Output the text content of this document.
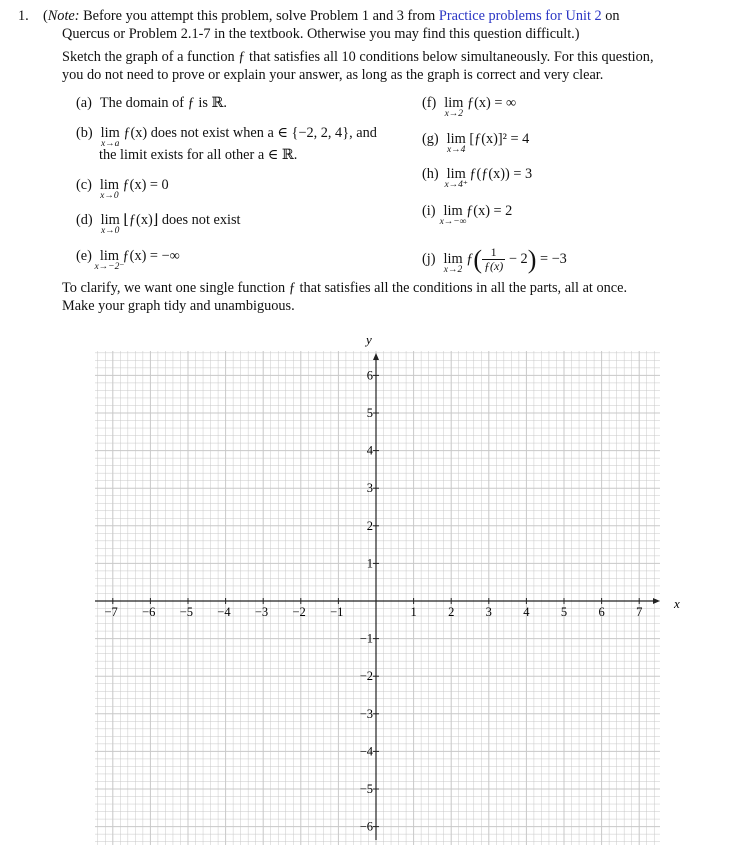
1. (Note: Before you attempt this problem, solve Problem 1 and 3 from Practice problems for Unit 2 on
Quercus or Problem 2.1-7 in the textbook. Otherwise you may find this question difficult.)
Sketch the graph of a function ƒ that satisfies all 10 conditions below simultaneously. For this question,
you do not need to prove or explain your answer, as long as the graph is correct and very clear.
(a) The domain of ƒ is ℝ.
(b) lim
x→a
ƒ(x) does not exist when a ∈ {−2, 2, 4}, and
the limit exists for all other a ∈ ℝ.
(c) lim
x→0
ƒ(x) = 0
(d) lim
x→0
⌊ƒ(x)⌋ does not exist
(e) lim
x→−2⁻
ƒ(x) = −∞
(f) lim
x→2
ƒ(x) = ∞
(g) lim
x→4
[ƒ(x)]² = 4
(h) lim
x→4⁺
ƒ(ƒ(x)) = 3
(i) lim
x→−∞
ƒ(x) = 2
(j) lim
x→2
ƒ( $\frac{1}{ƒ(x)} - 2) = -3$
To clarify, we want one single function ƒ that satisfies all the conditions in all the parts, all at once.
Make your graph tidy and unambiguous.
−7 −6 −5 −4 −3 −2 −1	1	2	3	4	5	6	7
6
5
4
3
2
1
−1
−2
−3
−4
−5
−6
x
y
